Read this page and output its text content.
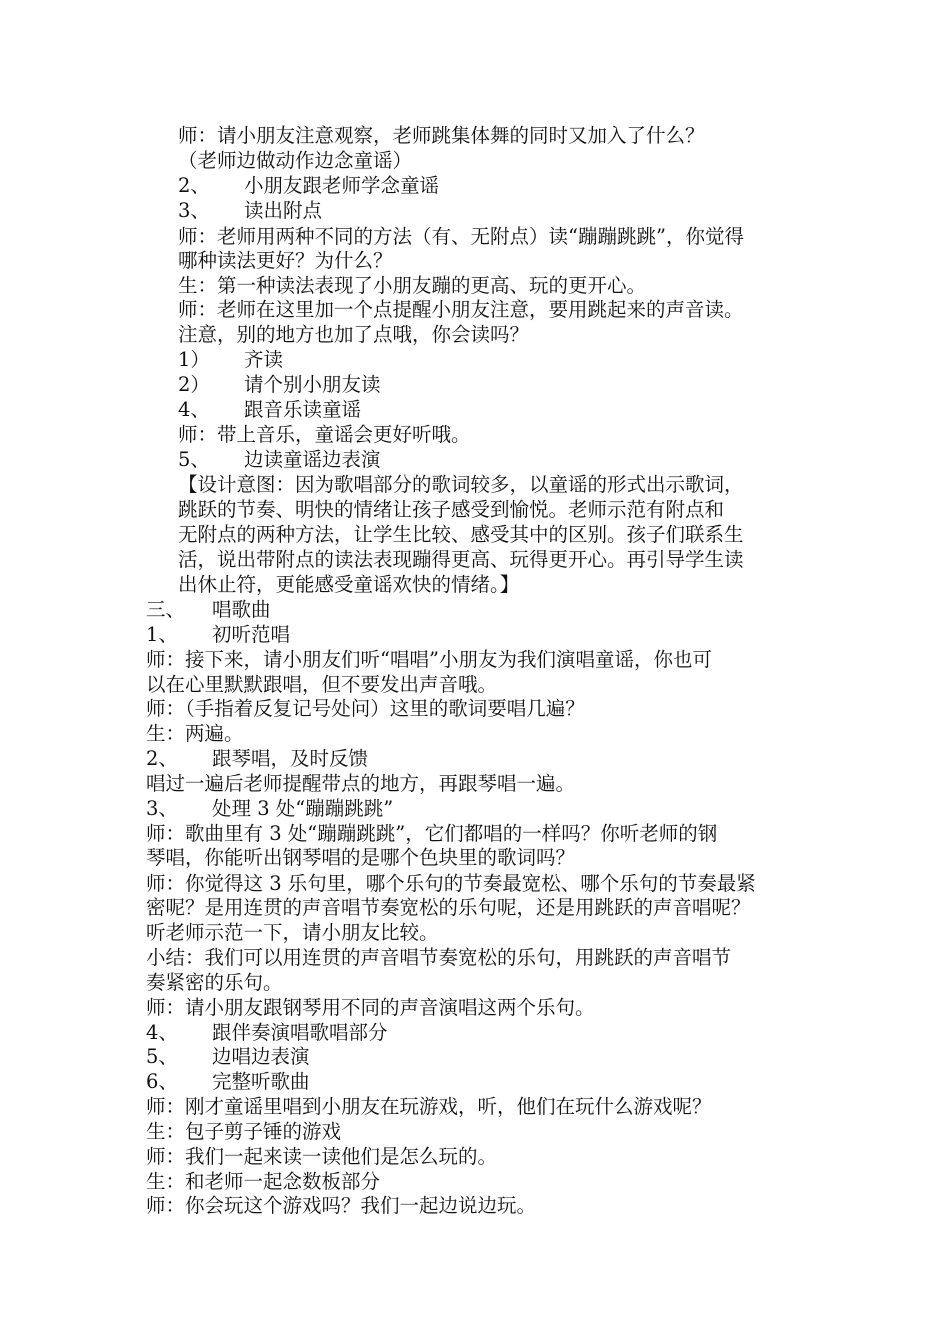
师：请小朋友注意观察，老师跳集体舞的同时又加入了什么？
（老师边做动作边念童谣）
2、 小朋友跟老师学念童谣
3、 读出附点
师：老师用两种不同的方法（有、无附点）读“蹦蹦跳跳”，你觉得
哪种读法更好？为什么？
生：第一种读法表现了小朋友蹦的更高、玩的更开心。
师：老师在这里加一个点提醒小朋友注意，要用跳起来的声音读。
注意，别的地方也加了点哦，你会读吗？
1） 齐读
2） 请个别小朋友读
4、 跟音乐读童谣
师：带上音乐，童谣会更好听哦。
5、 边读童谣边表演
【设计意图：因为歌唱部分的歌词较多，以童谣的形式出示歌词，
跳跃的节奏、明快的情绪让孩子感受到愉悦。老师示范有附点和
无附点的两种方法，让学生比较、感受其中的区别。孩子们联系生
活，说出带附点的读法表现蹦得更高、玩得更开心。再引导学生读
出休止符，更能感受童谣欢快的情绪。】
三、 唱歌曲
1、 初听范唱
师：接下来，请小朋友们听“唱唱”小朋友为我们演唱童谣，你也可
以在心里默默跟唱，但不要发出声音哦。
师：（手指着反复记号处问）这里的歌词要唱几遍？
生：两遍。
2、 跟琴唱，及时反馈
唱过一遍后老师提醒带点的地方，再跟琴唱一遍。
3、 处理 3 处“蹦蹦跳跳”
师：歌曲里有 3 处“蹦蹦跳跳”，它们都唱的一样吗？你听老师的钢
琴唱，你能听出钢琴唱的是哪个色块里的歌词吗？
师：你觉得这 3 乐句里，哪个乐句的节奏最宽松、哪个乐句的节奏最紧
密呢？是用连贯的声音唱节奏宽松的乐句呢，还是用跳跃的声音唱呢？
听老师示范一下，请小朋友比较。
小结：我们可以用连贯的声音唱节奏宽松的乐句，用跳跃的声音唱节
奏紧密的乐句。
师：请小朋友跟钢琴用不同的声音演唱这两个乐句。
4、 跟伴奏演唱歌唱部分
5、 边唱边表演
6、 完整听歌曲
师：刚才童谣里唱到小朋友在玩游戏，听，他们在玩什么游戏呢？
生：包子剪子锤的游戏
师：我们一起来读一读他们是怎么玩的。
生：和老师一起念数板部分
师：你会玩这个游戏吗？我们一起边说边玩。
